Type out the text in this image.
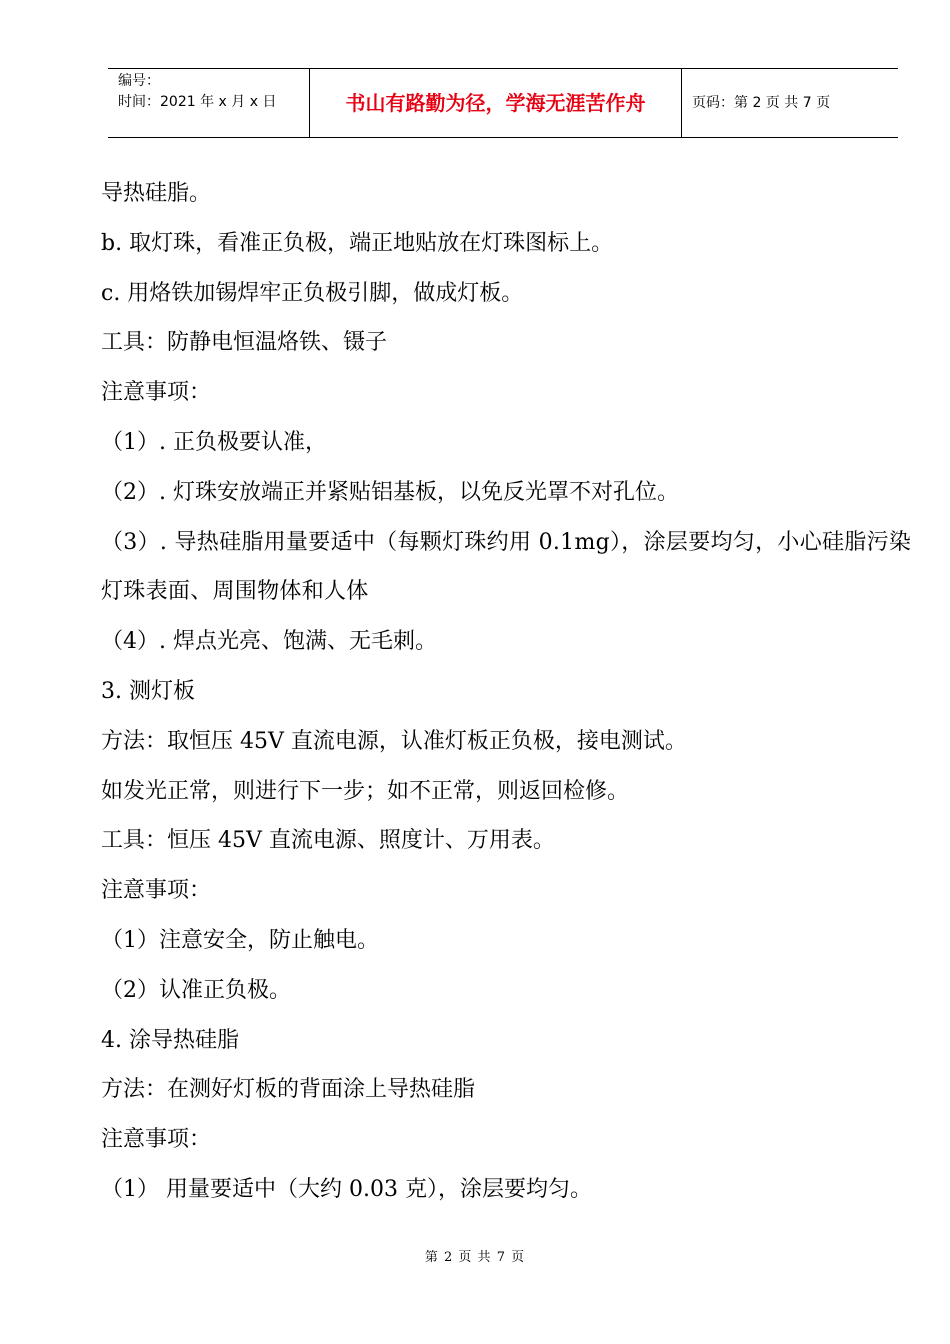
编号：
时间：2021 年 x 月 x 日	书山有路勤为径，学海无涯苦作舟	页码：第 2 页 共 7 页

导热硅脂。

b. 取灯珠，看准正负极，端正地贴放在灯珠图标上。

c. 用烙铁加锡焊牢正负极引脚，做成灯板。

工具：防静电恒温烙铁、镊子

注意事项：

（1）. 正负极要认准，

（2）. 灯珠安放端正并紧贴铝基板，以免反光罩不对孔位。

（3）. 导热硅脂用量要适中（每颗灯珠约用 0.1mg），涂层要均匀，小心硅脂污染灯珠表面、周围物体和人体

（4）. 焊点光亮、饱满、无毛刺。

3. 测灯板

方法：取恒压 45V 直流电源，认准灯板正负极，接电测试。

如发光正常，则进行下一步；如不正常，则返回检修。

工具：恒压 45V 直流电源、照度计、万用表。

注意事项：

（1）注意安全，防止触电。

（2）认准正负极。

4. 涂导热硅脂

方法：在测好灯板的背面涂上导热硅脂

注意事项：

（1） 用量要适中（大约 0.03 克），涂层要均匀。

第 2 页 共 7 页
